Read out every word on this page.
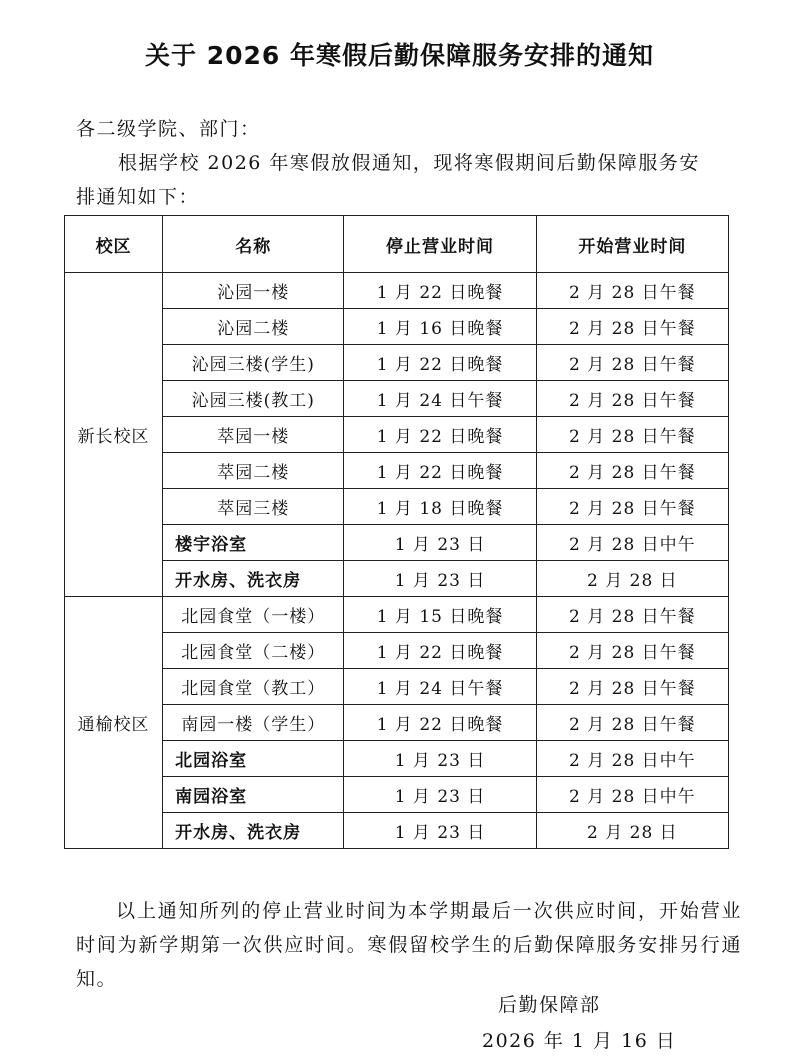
关于 2026 年寒假后勤保障服务安排的通知
各二级学院、部门：
根据学校 2026 年寒假放假通知，现将寒假期间后勤保障服务安
排通知如下：
校区	名称	停止营业时间	开始营业时间
新长校区	沁园一楼	1 月 22 日晚餐	2 月 28 日午餐
	沁园二楼	1 月 16 日晚餐	2 月 28 日午餐
	沁园三楼(学生)	1 月 22 日晚餐	2 月 28 日午餐
	沁园三楼(教工)	1 月 24 日午餐	2 月 28 日午餐
	萃园一楼	1 月 22 日晚餐	2 月 28 日午餐
	萃园二楼	1 月 22 日晚餐	2 月 28 日午餐
	萃园三楼	1 月 18 日晚餐	2 月 28 日午餐
	楼宇浴室	1 月 23 日	2 月 28 日中午
	开水房、洗衣房	1 月 23 日	2 月 28 日
通榆校区	北园食堂（一楼）	1 月 15 日晚餐	2 月 28 日午餐
	北园食堂（二楼）	1 月 22 日晚餐	2 月 28 日午餐
	北园食堂（教工）	1 月 24 日午餐	2 月 28 日午餐
	南园一楼（学生）	1 月 22 日晚餐	2 月 28 日午餐
	北园浴室	1 月 23 日	2 月 28 日中午
	南园浴室	1 月 23 日	2 月 28 日中午
	开水房、洗衣房	1 月 23 日	2 月 28 日
以上通知所列的停止营业时间为本学期最后一次供应时间，开始营业时间为新学期第一次供应时间。寒假留校学生的后勤保障服务安排另行通知。
后勤保障部
2026 年 1 月 16 日
